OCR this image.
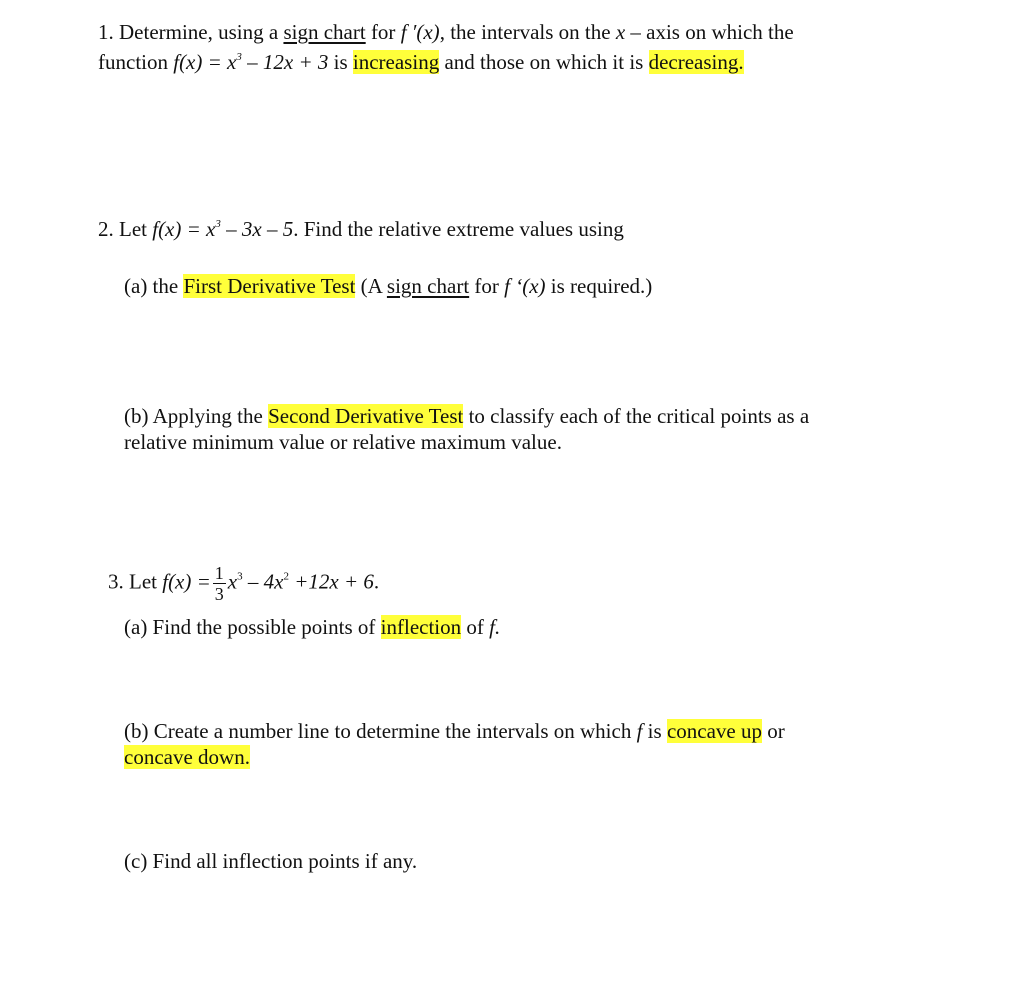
1. Determine, using a sign chart for f ′(x), the intervals on the x – axis on which the
function $f(x) = x^3 - 12x + 3$ is increasing and those on which it is decreasing.
2. Let $f(x) = x^3 - 3x - 5$. Find the relative extreme values using
(a) the First Derivative Test (A sign chart for f ‘(x) is required.)
(b) Applying the Second Derivative Test to classify each of the critical points as a
relative minimum value or relative maximum value.
3. Let $f(x) = \frac{1}{3} x^3 - 4x^2 +12x + 6$.
(a) Find the possible points of inflection of f.
(b) Create a number line to determine the intervals on which f is concave up or
concave down.
(c) Find all inflection points if any.
